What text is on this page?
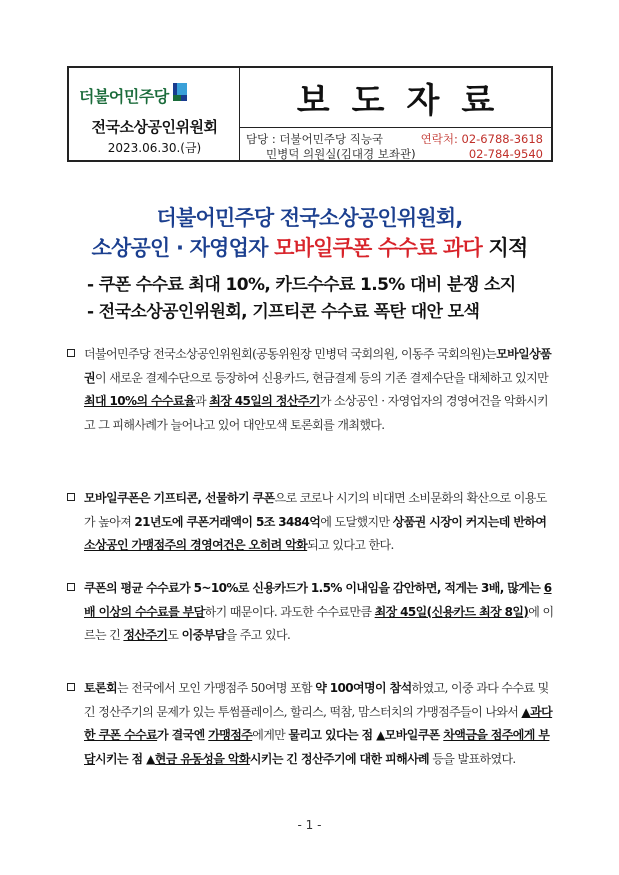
더불어민주당
전국소상공인위원회
2023.06.30.(금)
보도자료
담당 : 더불어민주당 직능국
민병덕 의원실(김대경 보좌관)
연락처: 02-6788-3618
02-784-9540
더불어민주당 전국소상공인위원회,
소상공인 · 자영업자 모바일쿠폰 수수료 과다 지적
- 쿠폰 수수료 최대 10%, 카드수수료 1.5% 대비 분쟁 소지
- 전국소상공인위원회, 기프티콘 수수료 폭탄 대안 모색
더불어민주당 전국소상공인위원회(공동위원장 민병덕 국회의원, 이동주 국회의원)는모바일상품권이 새로운 결제수단으로 등장하여 신용카드, 현금결제 등의 기존 결제수단을 대체하고 있지만 최대 10%의 수수료율과 최장 45일의 정산주기가 소상공인 · 자영업자의 경영여건을 악화시키고 그 피해사례가 늘어나고 있어 대안모색 토론회를 개최했다.
모바일쿠폰은 기프티콘, 선물하기 쿠폰으로 코로나 시기의 비대면 소비문화의 확산으로 이용도가 높아져 21년도에 쿠폰거래액이 5조 3484억에 도달했지만 상품권 시장이 커지는데 반하여 소상공인 가맹점주의 경영여건은 오히려 악화되고 있다고 한다.
쿠폰의 평균 수수료가 5~10%로 신용카드가 1.5% 이내임을 감안하면, 적게는 3배, 많게는 6배 이상의 수수료를 부담하기 때문이다. 과도한 수수료만큼 최장 45일(신용카드 최장 8일)에 이르는 긴 정산주기도 이중부담을 주고 있다.
토론회는 전국에서 모인 가맹점주 50여명 포함 약 100여명이 참석하였고, 이중 과다 수수료 및 긴 정산주기의 문제가 있는 투썸플레이스, 할리스, 떡참, 맘스터치의 가맹점주들이 나와서 ▲과다한 쿠폰 수수료가 결국엔 가맹점주에게만 물리고 있다는 점 ▲모바일쿠폰 차액금을 점주에게 부담시키는 점 ▲현금 유동성을 악화시키는 긴 정산주기에 대한 피해사례 등을 발표하였다.
- 1 -
